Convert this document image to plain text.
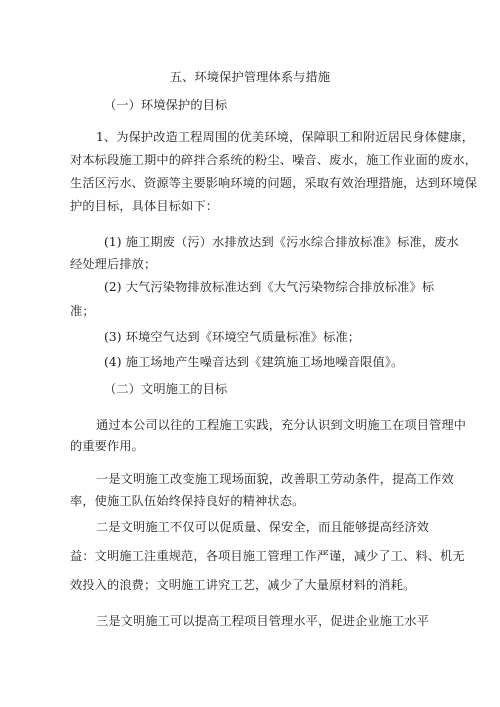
五、环境保护管理体系与措施
（一）环境保护的目标
1、为保护改造工程周围的优美环境，保障职工和附近居民身体健康，
对本标段施工期中的碎拌合系统的粉尘、噪音、废水，施工作业面的废水，
生活区污水、资源等主要影响环境的问题，采取有效治理措施，达到环境保
护的目标，具体目标如下：
(1) 施工期废（污）水排放达到《污水综合排放标准》标准，废水
经处理后排放；
(2) 大气污染物排放标准达到《大气污染物综合排放标准》标
准；
(3) 环境空气达到《环境空气质量标准》标准；
(4) 施工场地产生噪音达到《建筑施工场地噪音限值》。
（二）文明施工的目标
通过本公司以往的工程施工实践，充分认识到文明施工在项目管理中
的重要作用。
一是文明施工改变施工现场面貌，改善职工劳动条件，提高工作效
率，使施工队伍始终保持良好的精神状态。
二是文明施工不仅可以促质量、保安全，而且能够提高经济效
益：文明施工注重规范，各项目施工管理工作严谨，减少了工、料、机无
效投入的浪费；文明施工讲究工艺，减少了大量原材料的消耗。
三是文明施工可以提高工程项目管理水平，促进企业施工水平
